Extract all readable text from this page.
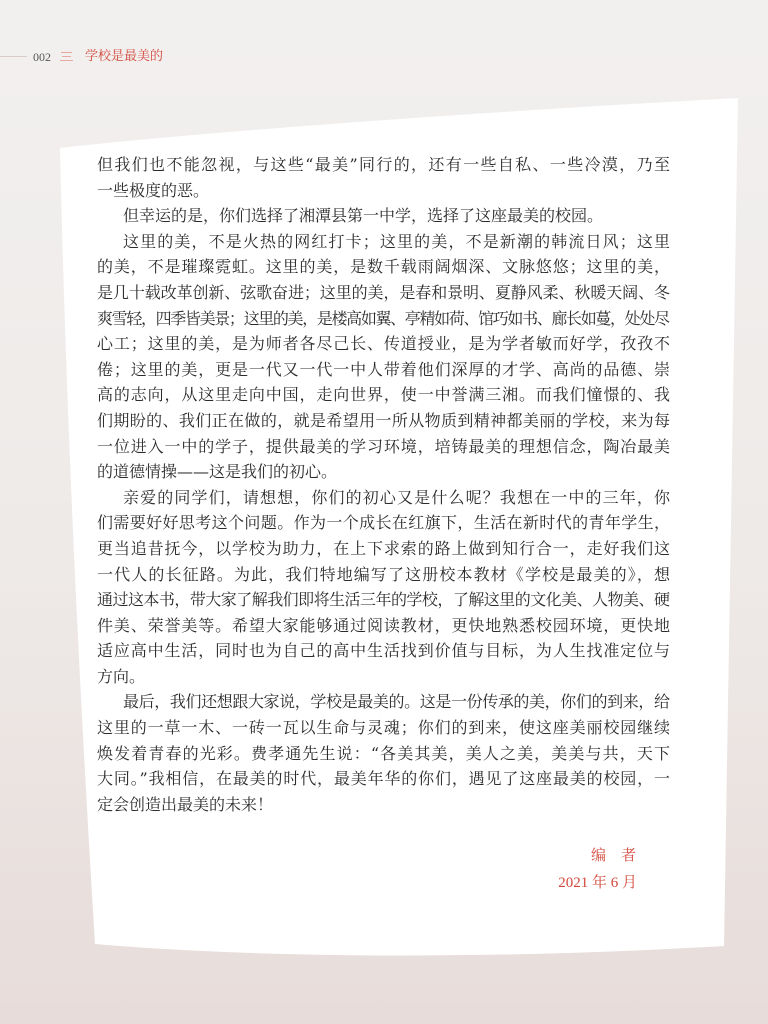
002	学校是最美的
但我们也不能忽视，与这些“最美”同行的，还有一些自私、一些冷漠，乃至
一些极度的恶。
但幸运的是，你们选择了湘潭县第一中学，选择了这座最美的校园。
这里的美，不是火热的网红打卡；这里的美，不是新潮的韩流日风；这里
的美，不是璀璨霓虹。这里的美，是数千载雨阔烟深、文脉悠悠；这里的美，
是几十载改革创新、弦歌奋进；这里的美，是春和景明、夏静风柔、秋暖天阔、冬
爽雪轻，四季皆美景；这里的美，是楼高如翼、亭精如荷、馆巧如书、廊长如蔓，处处尽
心工；这里的美，是为师者各尽己长、传道授业，是为学者敏而好学，孜孜不
倦；这里的美，更是一代又一代一中人带着他们深厚的才学、高尚的品德、崇
高的志向，从这里走向中国，走向世界，使一中誉满三湘。而我们憧憬的、我
们期盼的、我们正在做的，就是希望用一所从物质到精神都美丽的学校，来为每
一位进入一中的学子，提供最美的学习环境，培铸最美的理想信念，陶冶最美
的道德情操——这是我们的初心。
亲爱的同学们，请想想，你们的初心又是什么呢？我想在一中的三年，你
们需要好好思考这个问题。作为一个成长在红旗下，生活在新时代的青年学生，
更当追昔抚今，以学校为助力，在上下求索的路上做到知行合一，走好我们这
一代人的长征路。为此，我们特地编写了这册校本教材《学校是最美的》，想
通过这本书，带大家了解我们即将生活三年的学校，了解这里的文化美、人物美、硬
件美、荣誉美等。希望大家能够通过阅读教材，更快地熟悉校园环境，更快地
适应高中生活，同时也为自己的高中生活找到价值与目标，为人生找准定位与
方向。
最后，我们还想跟大家说，学校是最美的。这是一份传承的美，你们的到来，给
这里的一草一木、一砖一瓦以生命与灵魂；你们的到来，使这座美丽校园继续
焕发着青春的光彩。费孝通先生说：“各美其美，美人之美，美美与共，天下
大同。”我相信，在最美的时代，最美年华的你们，遇见了这座最美的校园，一
定会创造出最美的未来！
编　者
2021 年 6 月
